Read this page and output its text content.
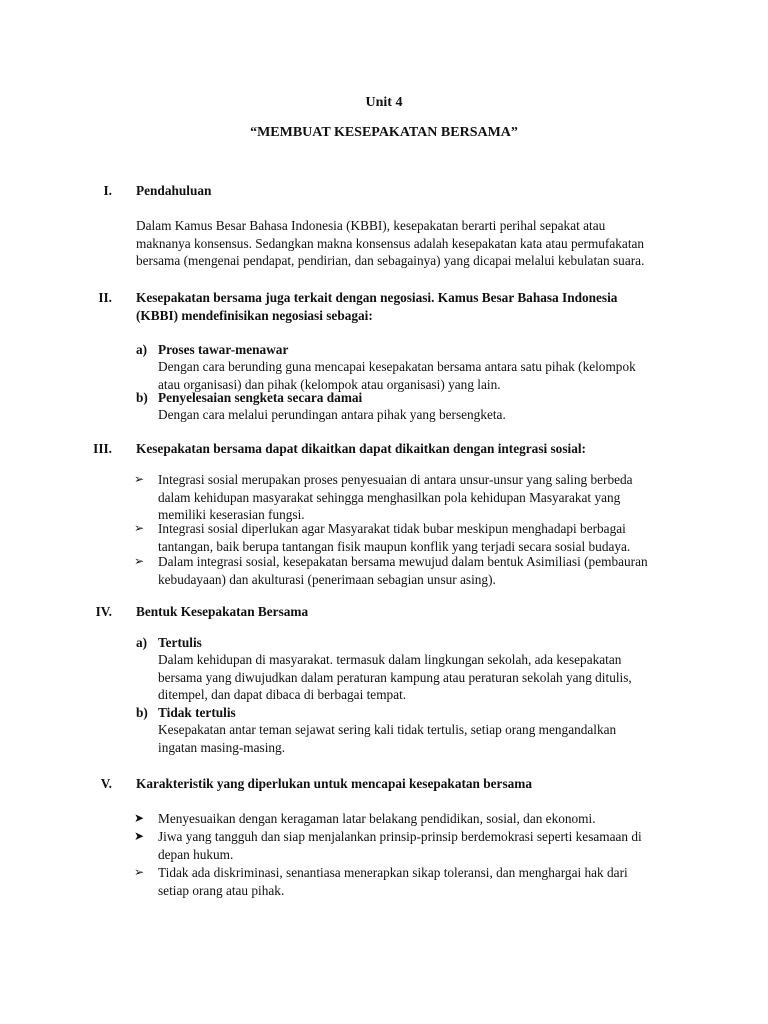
Unit 4
“MEMBUAT KESEPAKATAN BERSAMA”
I. Pendahuluan
Dalam Kamus Besar Bahasa Indonesia (KBBI), kesepakatan berarti perihal sepakat atau
maknanya konsensus. Sedangkan makna konsensus adalah kesepakatan kata atau permufakatan
bersama (mengenai pendapat, pendirian, dan sebagainya) yang dicapai melalui kebulatan suara.
II. Kesepakatan bersama juga terkait dengan negosiasi. Kamus Besar Bahasa Indonesia
(KBBI) mendefinisikan negosiasi sebagai:
a) Proses tawar-menawar
Dengan cara berunding guna mencapai kesepakatan bersama antara satu pihak (kelompok
atau organisasi) dan pihak (kelompok atau organisasi) yang lain.
b) Penyelesaian sengketa secara damai
Dengan cara melalui perundingan antara pihak yang bersengketa.
III. Kesepakatan bersama dapat dikaitkan dapat dikaitkan dengan integrasi sosial:
➢	Integrasi sosial merupakan proses penyesuaian di antara unsur-unsur yang saling berbeda
dalam kehidupan masyarakat sehingga menghasilkan pola kehidupan Masyarakat yang
memiliki keserasian fungsi.
➢	Integrasi sosial diperlukan agar Masyarakat tidak bubar meskipun menghadapi berbagai
tantangan, baik berupa tantangan fisik maupun konflik yang terjadi secara sosial budaya.
➢	Dalam integrasi sosial, kesepakatan bersama mewujud dalam bentuk Asimiliasi (pembauran
kebudayaan) dan akulturasi (penerimaan sebagian unsur asing).
IV. Bentuk Kesepakatan Bersama
a) Tertulis
Dalam kehidupan di masyarakat. termasuk dalam lingkungan sekolah, ada kesepakatan
bersama yang diwujudkan dalam peraturan kampung atau peraturan sekolah yang ditulis,
ditempel, dan dapat dibaca di berbagai tempat.
b) Tidak tertulis
Kesepakatan antar teman sejawat sering kali tidak tertulis, setiap orang mengandalkan
ingatan masing-masing.
V. Karakteristik yang diperlukan untuk mencapai kesepakatan bersama
➤	Menyesuaikan dengan keragaman latar belakang pendidikan, sosial, dan ekonomi.
➤	Jiwa yang tangguh dan siap menjalankan prinsip-prinsip berdemokrasi seperti kesamaan di
depan hukum.
➢	Tidak ada diskriminasi, senantiasa menerapkan sikap toleransi, dan menghargai hak dari
setiap orang atau pihak.
